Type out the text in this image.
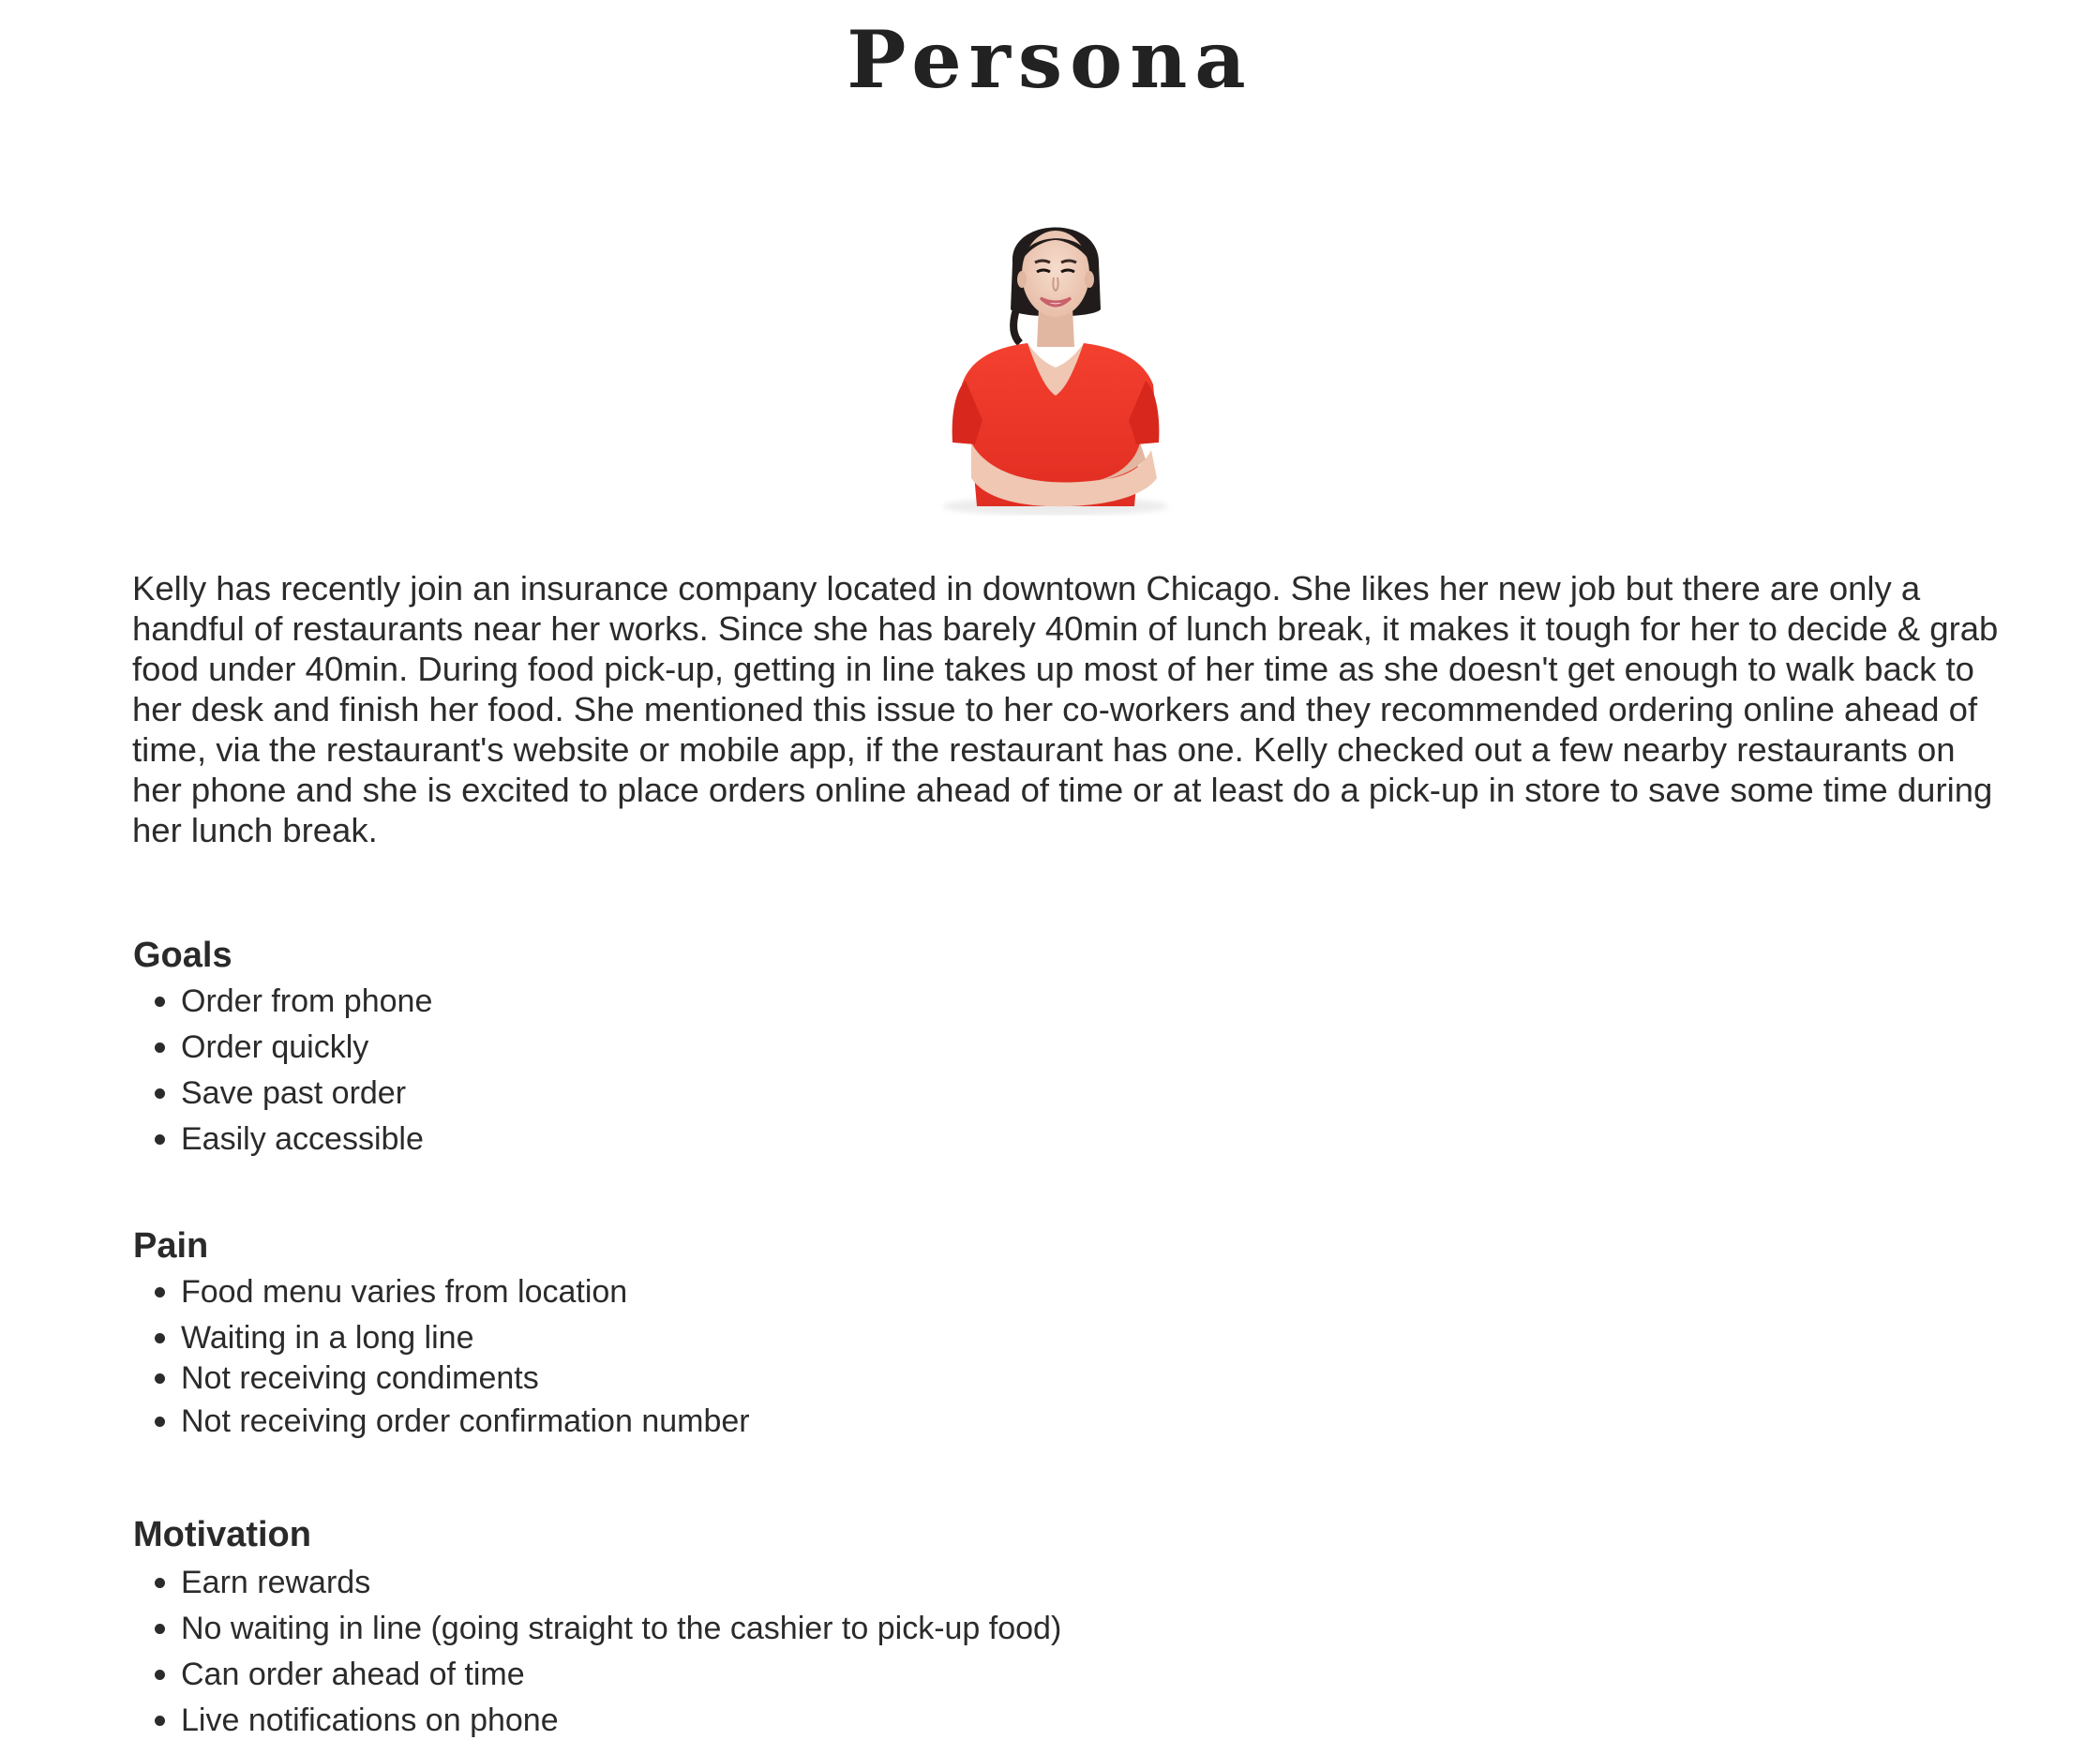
Persona

Kelly has recently join an insurance company located in downtown Chicago. She likes her new job but there are only a handful of restaurants near her works. Since she has barely 40min of lunch break, it makes it tough for her to decide & grab food under 40min. During food pick-up, getting in line takes up most of her time as she doesn't get enough to walk back to her desk and finish her food. She mentioned this issue to her co-workers and they recommended ordering online ahead of time, via the restaurant's website or mobile app, if the restaurant has one. Kelly checked out a few nearby restaurants on her phone and she is excited to place orders online ahead of time or at least do a pick-up in store to save some time during her lunch break.

Goals
Order from phone
Order quickly
Save past order
Easily accessible
Pain
Food menu varies from location
Waiting in a long line
Not receiving condiments
Not receiving order confirmation number
Motivation
Earn rewards
No waiting in line (going straight to the cashier to pick-up food)
Can order ahead of time
Live notifications on phone
